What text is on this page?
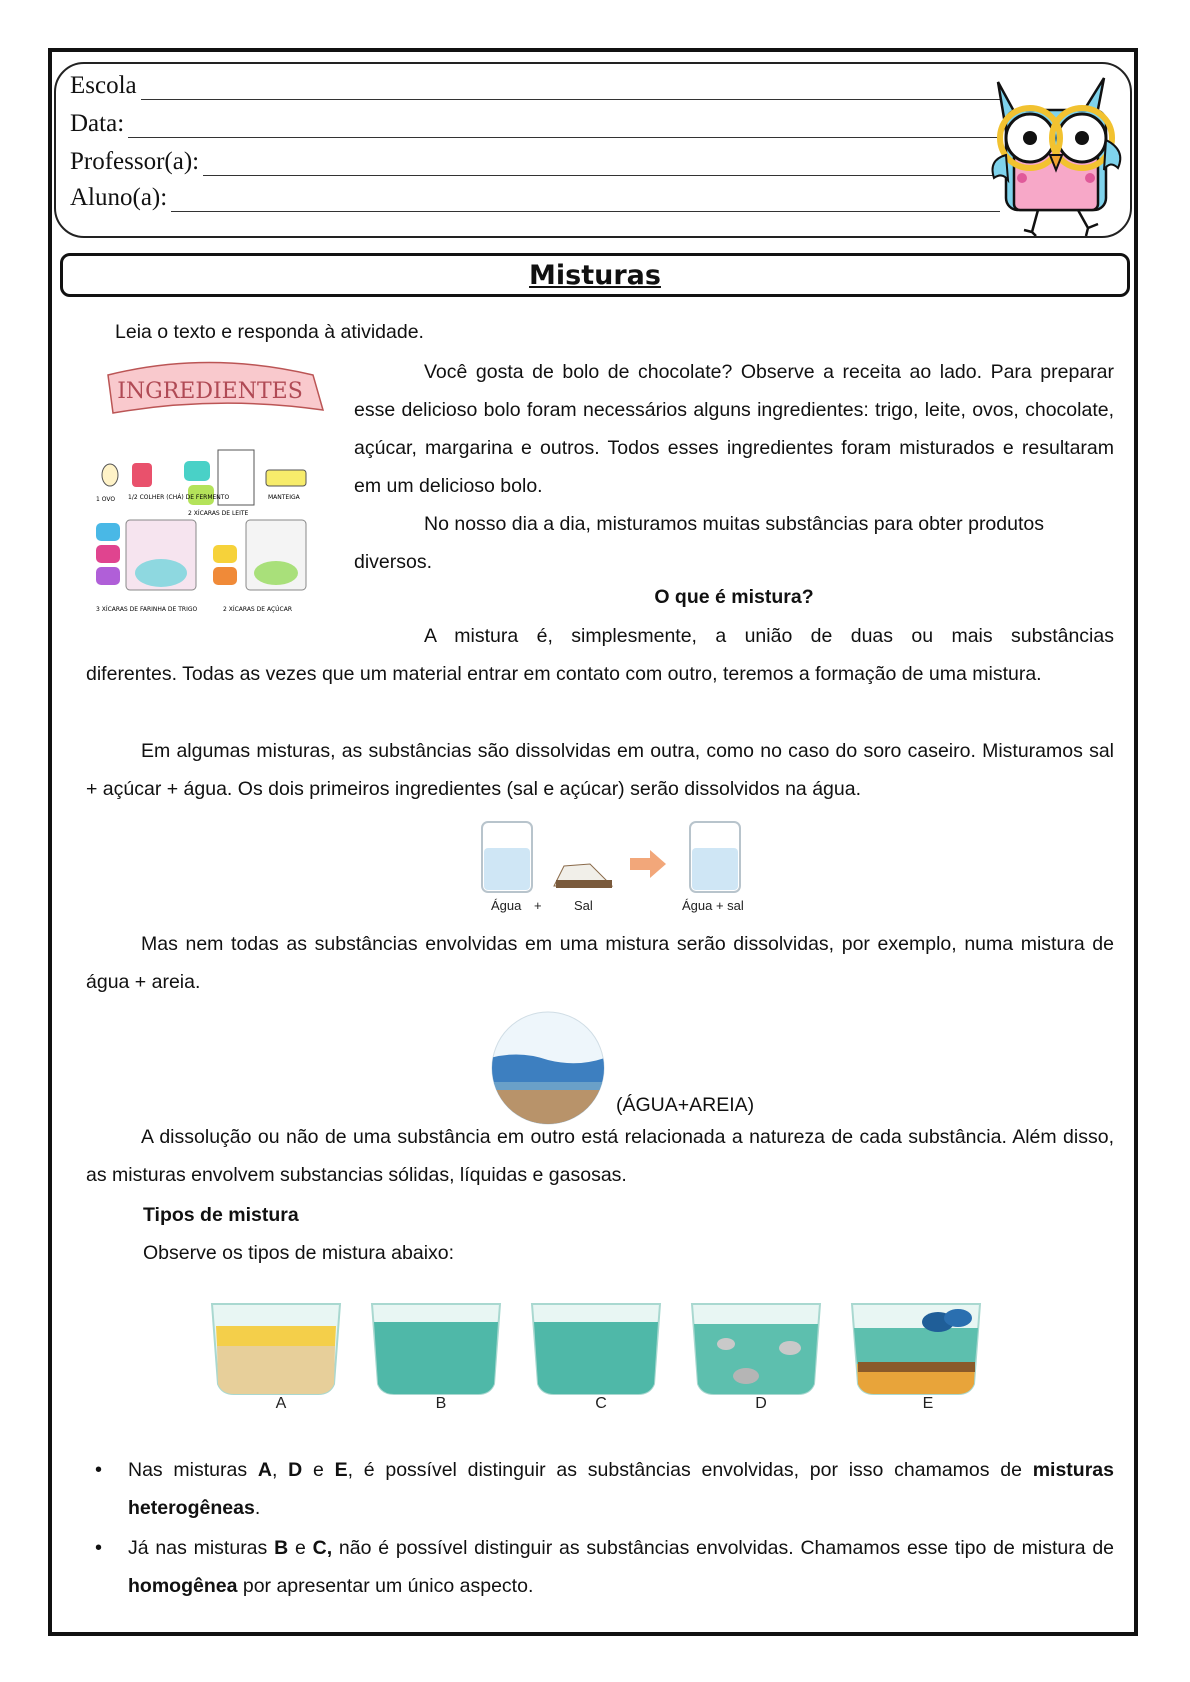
Escola
Data:
Professor(a):
Aluno(a):
Misturas
Leia o texto e responda à atividade.
INGREDIENTES
1 OVO 1/2 COLHER (CHÁ) DE FERMENTO
2 XÍCARAS DE LEITE
MANTEIGA
3 XÍCARAS DE FARINHA DE TRIGO	2 XÍCARAS DE AÇÚCAR
Você gosta de bolo de chocolate? Observe a receita ao lado. Para preparar esse delicioso bolo foram necessários alguns ingredientes: trigo, leite, ovos, chocolate, açúcar, margarina e outros. Todos esses ingredientes foram misturados e resultaram em um delicioso bolo.
No nosso dia a dia, misturamos muitas substâncias para obter produtos
diversos.
O que é mistura?
A mistura é, simplesmente, a união de duas ou mais substâncias
diferentes. Todas as vezes que um material entrar em contato com outro, teremos a formação de uma mistura.
Em algumas misturas, as substâncias são dissolvidas em outra, como no caso do soro caseiro. Misturamos sal + açúcar + água. Os dois primeiros ingredientes (sal e açúcar) serão dissolvidos na água.
Água + Sal	Água + sal
Mas nem todas as substâncias envolvidas em uma mistura serão dissolvidas, por exemplo, numa mistura de água + areia.
(ÁGUA+AREIA)
A dissolução ou não de uma substância em outro está relacionada a natureza de cada substância. Além disso, as misturas envolvem substancias sólidas, líquidas e gasosas.
Tipos de mistura
Observe os tipos de mistura abaixo:
A	B	C	D	E
•	Nas misturas A, D e E, é possível distinguir as substâncias envolvidas, por isso chamamos de misturas heterogêneas.
•	Já nas misturas B e C, não é possível distinguir as substâncias envolvidas. Chamamos esse tipo de mistura de homogênea por apresentar um único aspecto.
